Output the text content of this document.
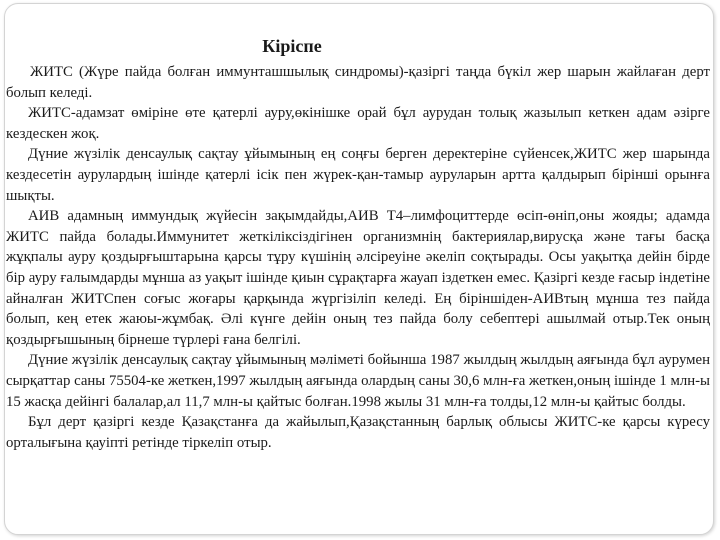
Кіріспе

ЖИТС (Жүре пайда болған иммунташшылық синдромы)-қазіргі таңда бүкіл жер шарын жайлаған дерт болып келеді.

ЖИТС-адамзат өміріне өте қатерлі ауру,өкінішке орай бұл аурудан толық жазылып кеткен адам әзірге кездескен жоқ.

Дүние жүзілік денсаулық сақтау ұйымының ең соңғы берген деректеріне сүйенсек,ЖИТС жер шарында кездесетін аурулардың ішінде қатерлі ісік пен жүрек-қан-тамыр ауруларын артта қалдырып бірінші орынға шықты.

АИВ адамның иммундық жүйесін зақымдайды,АИВ Т4–лимфоциттерде өсіп-өніп,оны жояды; адамда ЖИТС пайда болады.Иммунитет жеткіліксіздігінен организмнің бактериялар,вирусқа және тағы басқа жұқпалы ауру қоздырғыштарына қарсы тұру күшінің әлсіреуіне әкеліп соқтырады. Осы уақытқа дейін бірде бір ауру ғалымдарды мұнша аз уақыт ішінде қиын сұрақтарға жауап іздеткен емес. Қазіргі кезде ғасыр індетіне айналған ЖИТСпен соғыс жоғары қарқында жүргізіліп келеді. Ең біріншіден-АИВтың мұнша тез пайда болып, кең етек жаюы-жұмбақ. Әлі күнге дейін оның тез пайда болу себептері ашылмай отыр.Тек оның қоздырғышының бірнеше түрлері ғана белгілі.

Дүние жүзілік денсаулық сақтау ұйымының мәліметі бойынша 1987 жылдың жылдың аяғында бұл аурумен сырқаттар саны 75504-ке жеткен,1997 жылдың аяғында олардың саны 30,6 млн-ға жеткен,оның ішінде 1 млн-ы 15 жасқа дейінгі балалар,ал 11,7 млн-ы қайтыс болған.1998 жылы 31 млн-ға толды,12 млн-ы қайтыс болды.

Бұл дерт қазіргі кезде Қазақстанға да жайылып,Қазақстанның барлық облысы ЖИТС-ке қарсы күресу орталығына қауіпті ретінде тіркеліп отыр.
